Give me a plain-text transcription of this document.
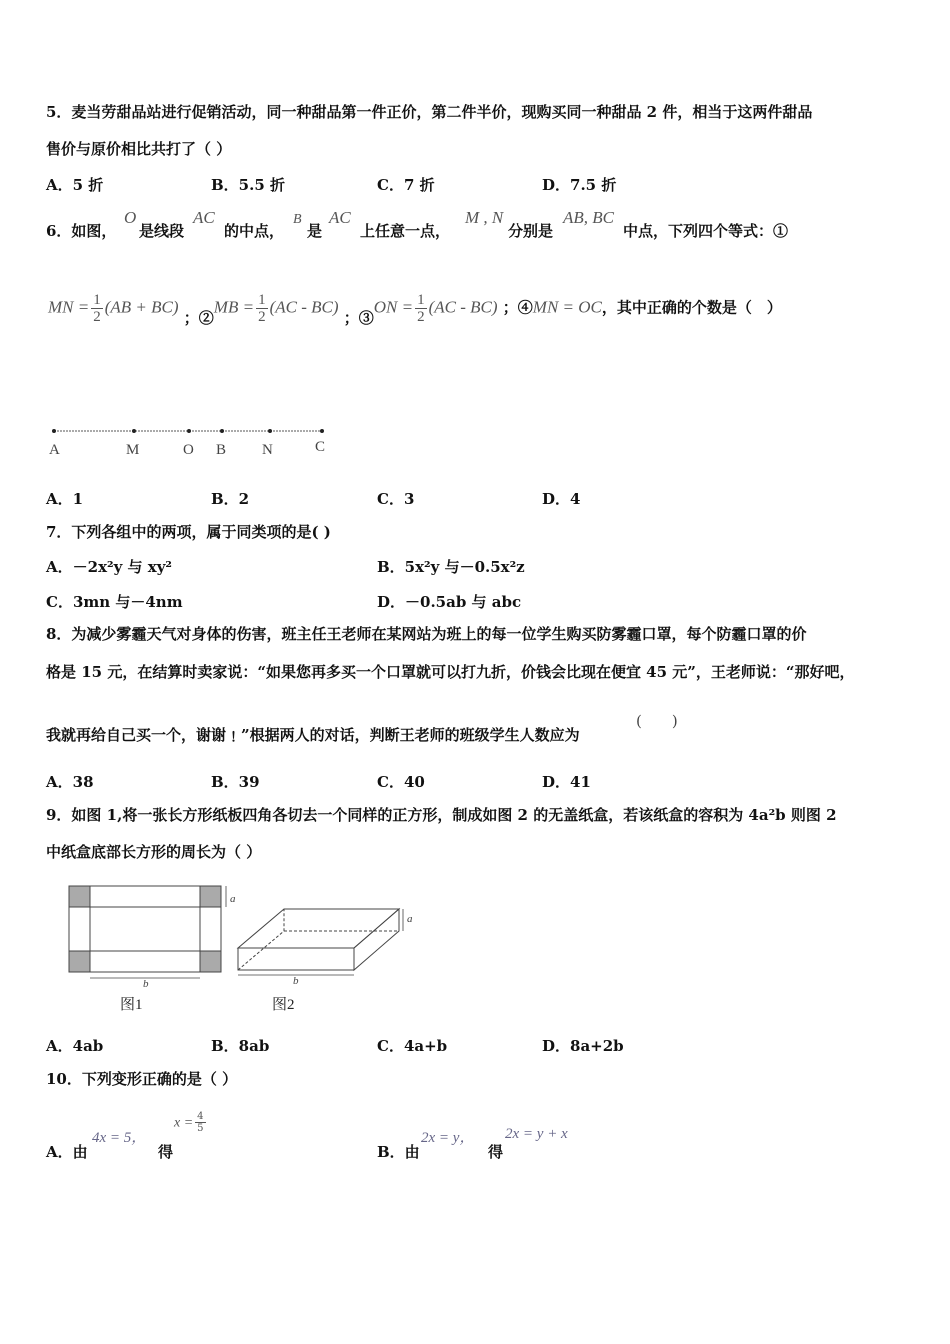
5．麦当劳甜品站进行促销活动，同一种甜品第一件正价，第二件半价，现购买同一种甜品 2 件，相当于这两件甜品
售价与原价相比共打了（ ）
A．5 折	B．5.5 折	C．7 折	D．7.5 折
6．如图，
O
是线段
AC
的中点，
B
是
AC
上任意一点，
M , N
分别是
AB, BC
中点，下列四个等式：①
MN = $\frac{1}{2} (AB + BC)$ ；②MB = $\frac{1}{2} (AC - BC)$ ；③ON = $\frac{1}{2} (AC - BC)$ ；④MN = OC，其中正确的个数是（　）
A	M	O B N	C
A．1	B．2	C．3	D．4
7．下列各组中的两项，属于同类项的是( )
A．－2x²y 与 xy²	B．5x²y 与－0.5x²z
C．3mn 与－4nm	D．－0.5ab 与 abc
8．为减少雾霾天气对身体的伤害，班主任王老师在某网站为班上的每一位学生购买防雾霾口罩，每个防霾口罩的价
格是 15 元，在结算时卖家说：“如果您再多买一个口罩就可以打九折，价钱会比现在便宜 45 元”，王老师说：“那好吧，
我就再给自己买一个，谢谢﹗”根据两人的对话，判断王老师的班级学生人数应为
(　　)
A．38	B．39	C．40	D．41
9．如图 1,将一张长方形纸板四角各切去一个同样的正方形，制成如图 2 的无盖纸盒，若该纸盒的容积为 4a²b 则图 2
中纸盒底部长方形的周长为（ ）
a
b
图1
a
b
图2
A．4ab	B．8ab	C．4a+b	D．8a+2b
10．下列变形正确的是（ ）
A．由
4x = 5，
得
$x = \frac{4}{5}$
B．由
2x = y，
得
2x = y + x
